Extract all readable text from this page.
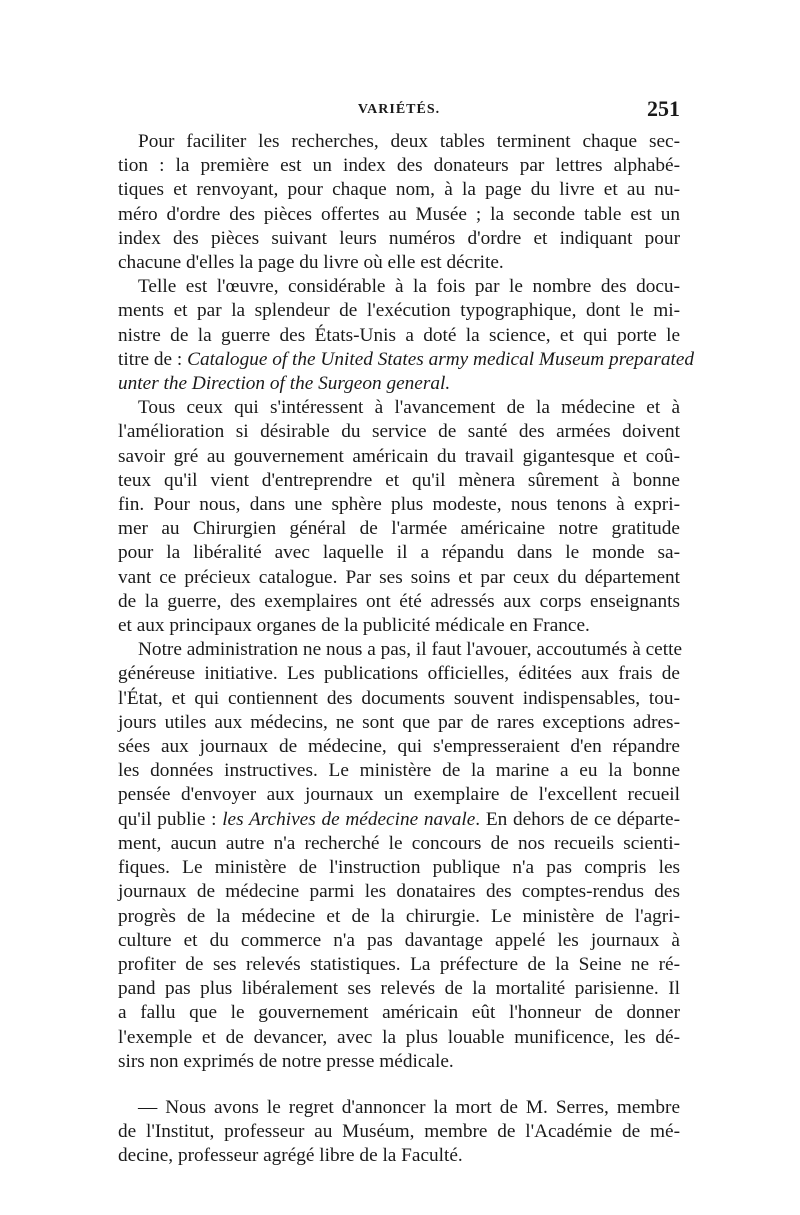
VARIÉTÉS.	251

Pour faciliter les recherches, deux tables terminent chaque sec-
tion : la première est un index des donateurs par lettres alphabé-
tiques et renvoyant, pour chaque nom, à la page du livre et au nu-
méro d'ordre des pièces offertes au Musée ; la seconde table est un
index des pièces suivant leurs numéros d'ordre et indiquant pour
chacune d'elles la page du livre où elle est décrite.

Telle est l'œuvre, considérable à la fois par le nombre des docu-
ments et par la splendeur de l'exécution typographique, dont le mi-
nistre de la guerre des États-Unis a doté la science, et qui porte le
titre de : Catalogue of the United States army medical Museum preparated
unter the Direction of the Surgeon general.

Tous ceux qui s'intéressent à l'avancement de la médecine et à
l'amélioration si désirable du service de santé des armées doivent
savoir gré au gouvernement américain du travail gigantesque et coû-
teux qu'il vient d'entreprendre et qu'il mènera sûrement à bonne
fin. Pour nous, dans une sphère plus modeste, nous tenons à expri-
mer au Chirurgien général de l'armée américaine notre gratitude
pour la libéralité avec laquelle il a répandu dans le monde sa-
vant ce précieux catalogue. Par ses soins et par ceux du département
de la guerre, des exemplaires ont été adressés aux corps enseignants
et aux principaux organes de la publicité médicale en France.

Notre administration ne nous a pas, il faut l'avouer, accoutumés à cette
généreuse initiative. Les publications officielles, éditées aux frais de
l'État, et qui contiennent des documents souvent indispensables, tou-
jours utiles aux médecins, ne sont que par de rares exceptions adres-
sées aux journaux de médecine, qui s'empresseraient d'en répandre
les données instructives. Le ministère de la marine a eu la bonne
pensée d'envoyer aux journaux un exemplaire de l'excellent recueil
qu'il publie : les Archives de médecine navale. En dehors de ce départe-
ment, aucun autre n'a recherché le concours de nos recueils scienti-
fiques. Le ministère de l'instruction publique n'a pas compris les
journaux de médecine parmi les donataires des comptes-rendus des
progrès de la médecine et de la chirurgie. Le ministère de l'agri-
culture et du commerce n'a pas davantage appelé les journaux à
profiter de ses relevés statistiques. La préfecture de la Seine ne ré-
pand pas plus libéralement ses relevés de la mortalité parisienne. Il
a fallu que le gouvernement américain eût l'honneur de donner
l'exemple et de devancer, avec la plus louable munificence, les dé-
sirs non exprimés de notre presse médicale.

— Nous avons le regret d'annoncer la mort de M. Serres, membre
de l'Institut, professeur au Muséum, membre de l'Académie de mé-
decine, professeur agrégé libre de la Faculté.
